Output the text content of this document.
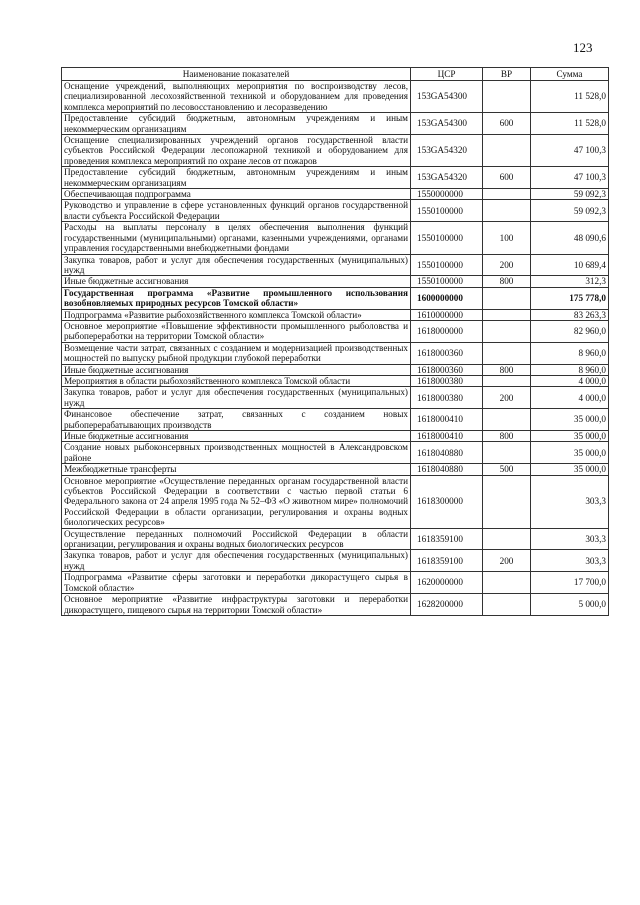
123
Наименование показателей	ЦСР	ВР	Сумма
Оснащение учреждений, выполняющих мероприятия по воспроизводству лесов, специализированной лесохозяйственной техникой и оборудованием для проведения комплекса мероприятий по лесовосстановлению и лесоразведению	153GA54300		11 528,0
Предоставление субсидий бюджетным, автономным учреждениям и иным некоммерческим организациям	153GA54300	600	11 528,0
Оснащение специализированных учреждений органов государственной власти субъектов Российской Федерации лесопожарной техникой и оборудованием для проведения комплекса мероприятий по охране лесов от пожаров	153GA54320		47 100,3
Предоставление субсидий бюджетным, автономным учреждениям и иным некоммерческим организациям	153GA54320	600	47 100,3
Обеспечивающая подпрограмма	1550000000		59 092,3
Руководство и управление в сфере установленных функций органов государственной власти субъекта Российской Федерации	1550100000		59 092,3
Расходы на выплаты персоналу в целях обеспечения выполнения функций государственными (муниципальными) органами, казенными учреждениями, органами управления государственными внебюджетными фондами	1550100000	100	48 090,6
Закупка товаров, работ и услуг для обеспечения государственных (муниципальных) нужд	1550100000	200	10 689,4
Иные бюджетные ассигнования	1550100000	800	312,3
Государственная программа «Развитие промышленного использования возобновляемых природных ресурсов Томской области»	1600000000		175 778,0
Подпрограмма «Развитие рыбохозяйственного комплекса Томской области»	1610000000		83 263,3
Основное мероприятие «Повышение эффективности промышленного рыболовства и рыбопереработки на территории Томской области»	1618000000		82 960,0
Возмещение части затрат, связанных с созданием и модернизацией производственных мощностей по выпуску рыбной продукции глубокой переработки	1618000360		8 960,0
Иные бюджетные ассигнования	1618000360	800	8 960,0
Мероприятия в области рыбохозяйственного комплекса Томской области	1618000380		4 000,0
Закупка товаров, работ и услуг для обеспечения государственных (муниципальных) нужд	1618000380	200	4 000,0
Финансовое обеспечение затрат, связанных с созданием новых рыбоперерабатывающих производств	1618000410		35 000,0
Иные бюджетные ассигнования	1618000410	800	35 000,0
Создание новых рыбоконсервных производственных мощностей в Александровском районе	1618040880		35 000,0
Межбюджетные трансферты	1618040880	500	35 000,0
Основное мероприятие «Осуществление переданных органам государственной власти субъектов Российской Федерации в соответствии с частью первой статьи 6 Федерального закона от 24 апреля 1995 года № 52–ФЗ «О животном мире» полномочий Российской Федерации в области организации, регулирования и охраны водных биологических ресурсов»	1618300000		303,3
Осуществление переданных полномочий Российской Федерации в области организации, регулирования и охраны водных биологических ресурсов	1618359100		303,3
Закупка товаров, работ и услуг для обеспечения государственных (муниципальных) нужд	1618359100	200	303,3
Подпрограмма «Развитие сферы заготовки и переработки дикорастущего сырья в Томской области»	1620000000		17 700,0
Основное мероприятие «Развитие инфраструктуры заготовки и переработки дикорастущего, пищевого сырья на территории Томской области»	1628200000		5 000,0
